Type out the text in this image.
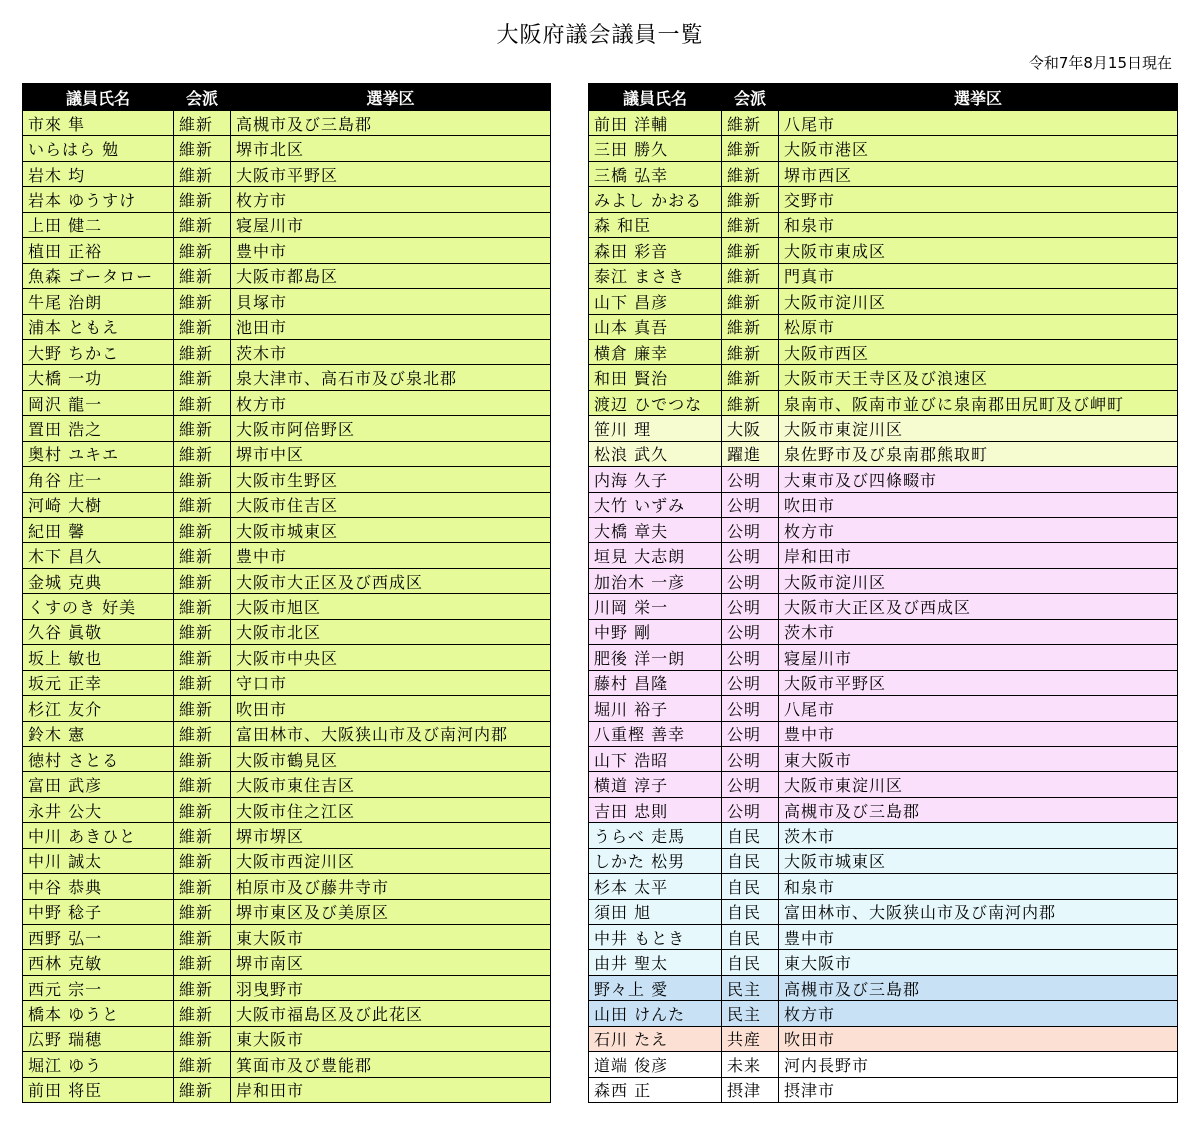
大阪府議会議員一覧
令和7年8月15日現在
議員氏名	会派	選挙区
市來 隼	維新	高槻市及び三島郡
いらはら 勉	維新	堺市北区
岩木 均	維新	大阪市平野区
岩本 ゆうすけ	維新	枚方市
上田 健二	維新	寝屋川市
植田 正裕	維新	豊中市
魚森 ゴータロー	維新	大阪市都島区
牛尾 治朗	維新	貝塚市
浦本 ともえ	維新	池田市
大野 ちかこ	維新	茨木市
大橋 一功	維新	泉大津市、高石市及び泉北郡
岡沢 龍一	維新	枚方市
置田 浩之	維新	大阪市阿倍野区
奥村 ユキエ	維新	堺市中区
角谷 庄一	維新	大阪市生野区
河崎 大樹	維新	大阪市住吉区
紀田 馨	維新	大阪市城東区
木下 昌久	維新	豊中市
金城 克典	維新	大阪市大正区及び西成区
くすのき 好美	維新	大阪市旭区
久谷 眞敬	維新	大阪市北区
坂上 敏也	維新	大阪市中央区
坂元 正幸	維新	守口市
杉江 友介	維新	吹田市
鈴木 憲	維新	富田林市、大阪狭山市及び南河内郡
徳村 さとる	維新	大阪市鶴見区
富田 武彦	維新	大阪市東住吉区
永井 公大	維新	大阪市住之江区
中川 あきひと	維新	堺市堺区
中川 誠太	維新	大阪市西淀川区
中谷 恭典	維新	柏原市及び藤井寺市
中野 稔子	維新	堺市東区及び美原区
西野 弘一	維新	東大阪市
西林 克敏	維新	堺市南区
西元 宗一	維新	羽曳野市
橋本 ゆうと	維新	大阪市福島区及び此花区
広野 瑞穂	維新	東大阪市
堀江 ゆう	維新	箕面市及び豊能郡
前田 将臣	維新	岸和田市
議員氏名	会派	選挙区
前田 洋輔	維新	八尾市
三田 勝久	維新	大阪市港区
三橋 弘幸	維新	堺市西区
みよし かおる	維新	交野市
森 和臣	維新	和泉市
森田 彩音	維新	大阪市東成区
泰江 まさき	維新	門真市
山下 昌彦	維新	大阪市淀川区
山本 真吾	維新	松原市
横倉 廉幸	維新	大阪市西区
和田 賢治	維新	大阪市天王寺区及び浪速区
渡辺 ひでつな	維新	泉南市、阪南市並びに泉南郡田尻町及び岬町
笹川 理	大阪	大阪市東淀川区
松浪 武久	躍進	泉佐野市及び泉南郡熊取町
内海 久子	公明	大東市及び四條畷市
大竹 いずみ	公明	吹田市
大橋 章夫	公明	枚方市
垣見 大志朗	公明	岸和田市
加治木 一彦	公明	大阪市淀川区
川岡 栄一	公明	大阪市大正区及び西成区
中野 剛	公明	茨木市
肥後 洋一朗	公明	寝屋川市
藤村 昌隆	公明	大阪市平野区
堀川 裕子	公明	八尾市
八重樫 善幸	公明	豊中市
山下 浩昭	公明	東大阪市
横道 淳子	公明	大阪市東淀川区
吉田 忠則	公明	高槻市及び三島郡
うらべ 走馬	自民	茨木市
しかた 松男	自民	大阪市城東区
杉本 太平	自民	和泉市
須田 旭	自民	富田林市、大阪狭山市及び南河内郡
中井 もとき	自民	豊中市
由井 聖太	自民	東大阪市
野々上 愛	民主	高槻市及び三島郡
山田 けんた	民主	枚方市
石川 たえ	共産	吹田市
道端 俊彦	未来	河内長野市
森西 正	摂津	摂津市
